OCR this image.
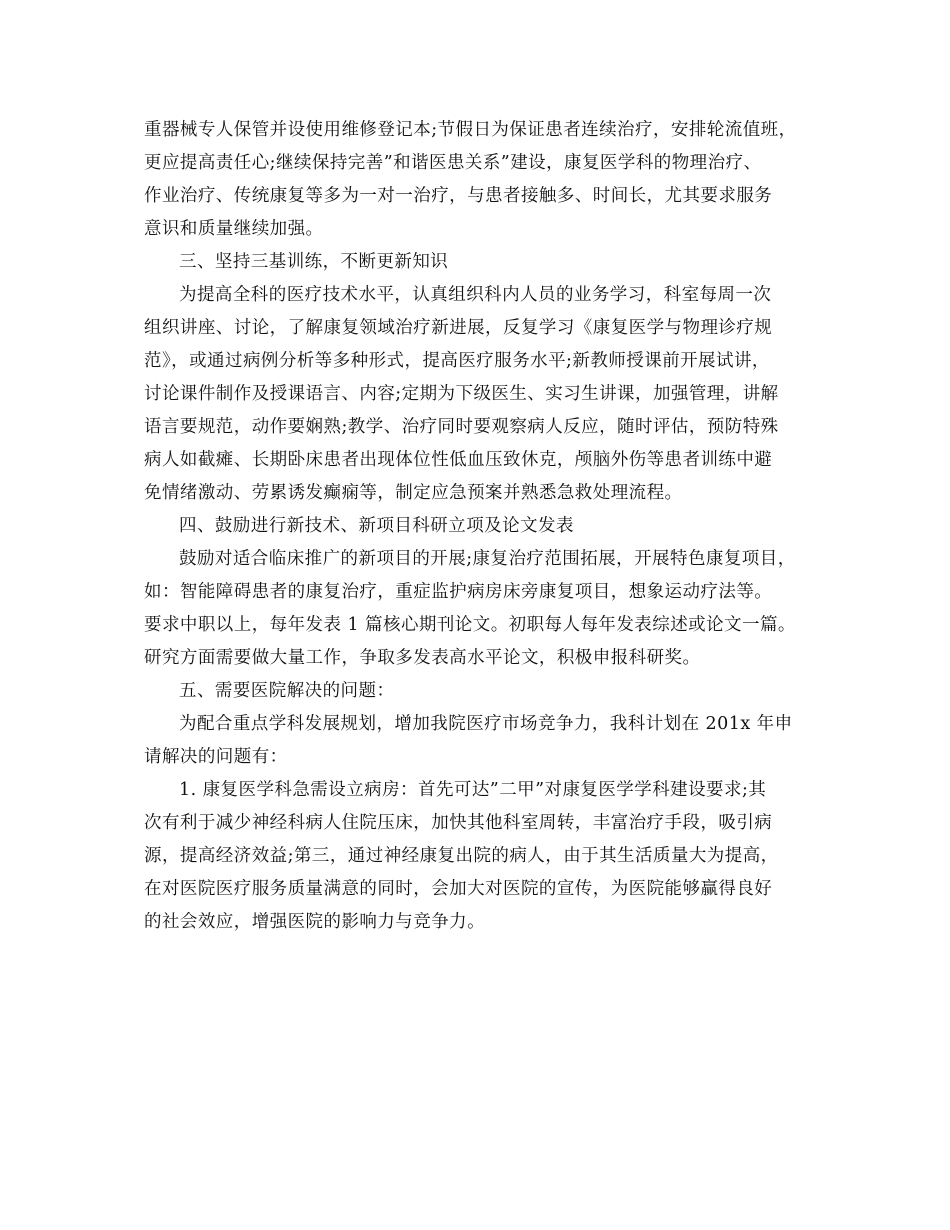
重器械专人保管并设使用维修登记本;节假日为保证患者连续治疗，安排轮流值班，
更应提高责任心;继续保持完善”和谐医患关系”建设，康复医学科的物理治疗、
作业治疗、传统康复等多为一对一治疗，与患者接触多、时间长，尤其要求服务
意识和质量继续加强。
三、坚持三基训练，不断更新知识
为提高全科的医疗技术水平，认真组织科内人员的业务学习，科室每周一次
组织讲座、讨论，了解康复领域治疗新进展，反复学习《康复医学与物理诊疗规
范》，或通过病例分析等多种形式，提高医疗服务水平;新教师授课前开展试讲，
讨论课件制作及授课语言、内容;定期为下级医生、实习生讲课，加强管理，讲解
语言要规范，动作要娴熟;教学、治疗同时要观察病人反应，随时评估，预防特殊
病人如截瘫、长期卧床患者出现体位性低血压致休克，颅脑外伤等患者训练中避
免情绪激动、劳累诱发癫痫等，制定应急预案并熟悉急救处理流程。
四、鼓励进行新技术、新项目科研立项及论文发表
鼓励对适合临床推广的新项目的开展;康复治疗范围拓展，开展特色康复项目，
如：智能障碍患者的康复治疗，重症监护病房床旁康复项目，想象运动疗法等。
要求中职以上，每年发表 1 篇核心期刊论文。初职每人每年发表综述或论文一篇。
研究方面需要做大量工作，争取多发表高水平论文，积极申报科研奖。
五、需要医院解决的问题：
为配合重点学科发展规划，增加我院医疗市场竞争力，我科计划在 201x 年申
请解决的问题有：
1. 康复医学科急需设立病房：首先可达”二甲”对康复医学学科建设要求;其
次有利于减少神经科病人住院压床，加快其他科室周转，丰富治疗手段，吸引病
源，提高经济效益;第三，通过神经康复出院的病人，由于其生活质量大为提高，
在对医院医疗服务质量满意的同时，会加大对医院的宣传，为医院能够赢得良好
的社会效应，增强医院的影响力与竞争力。
